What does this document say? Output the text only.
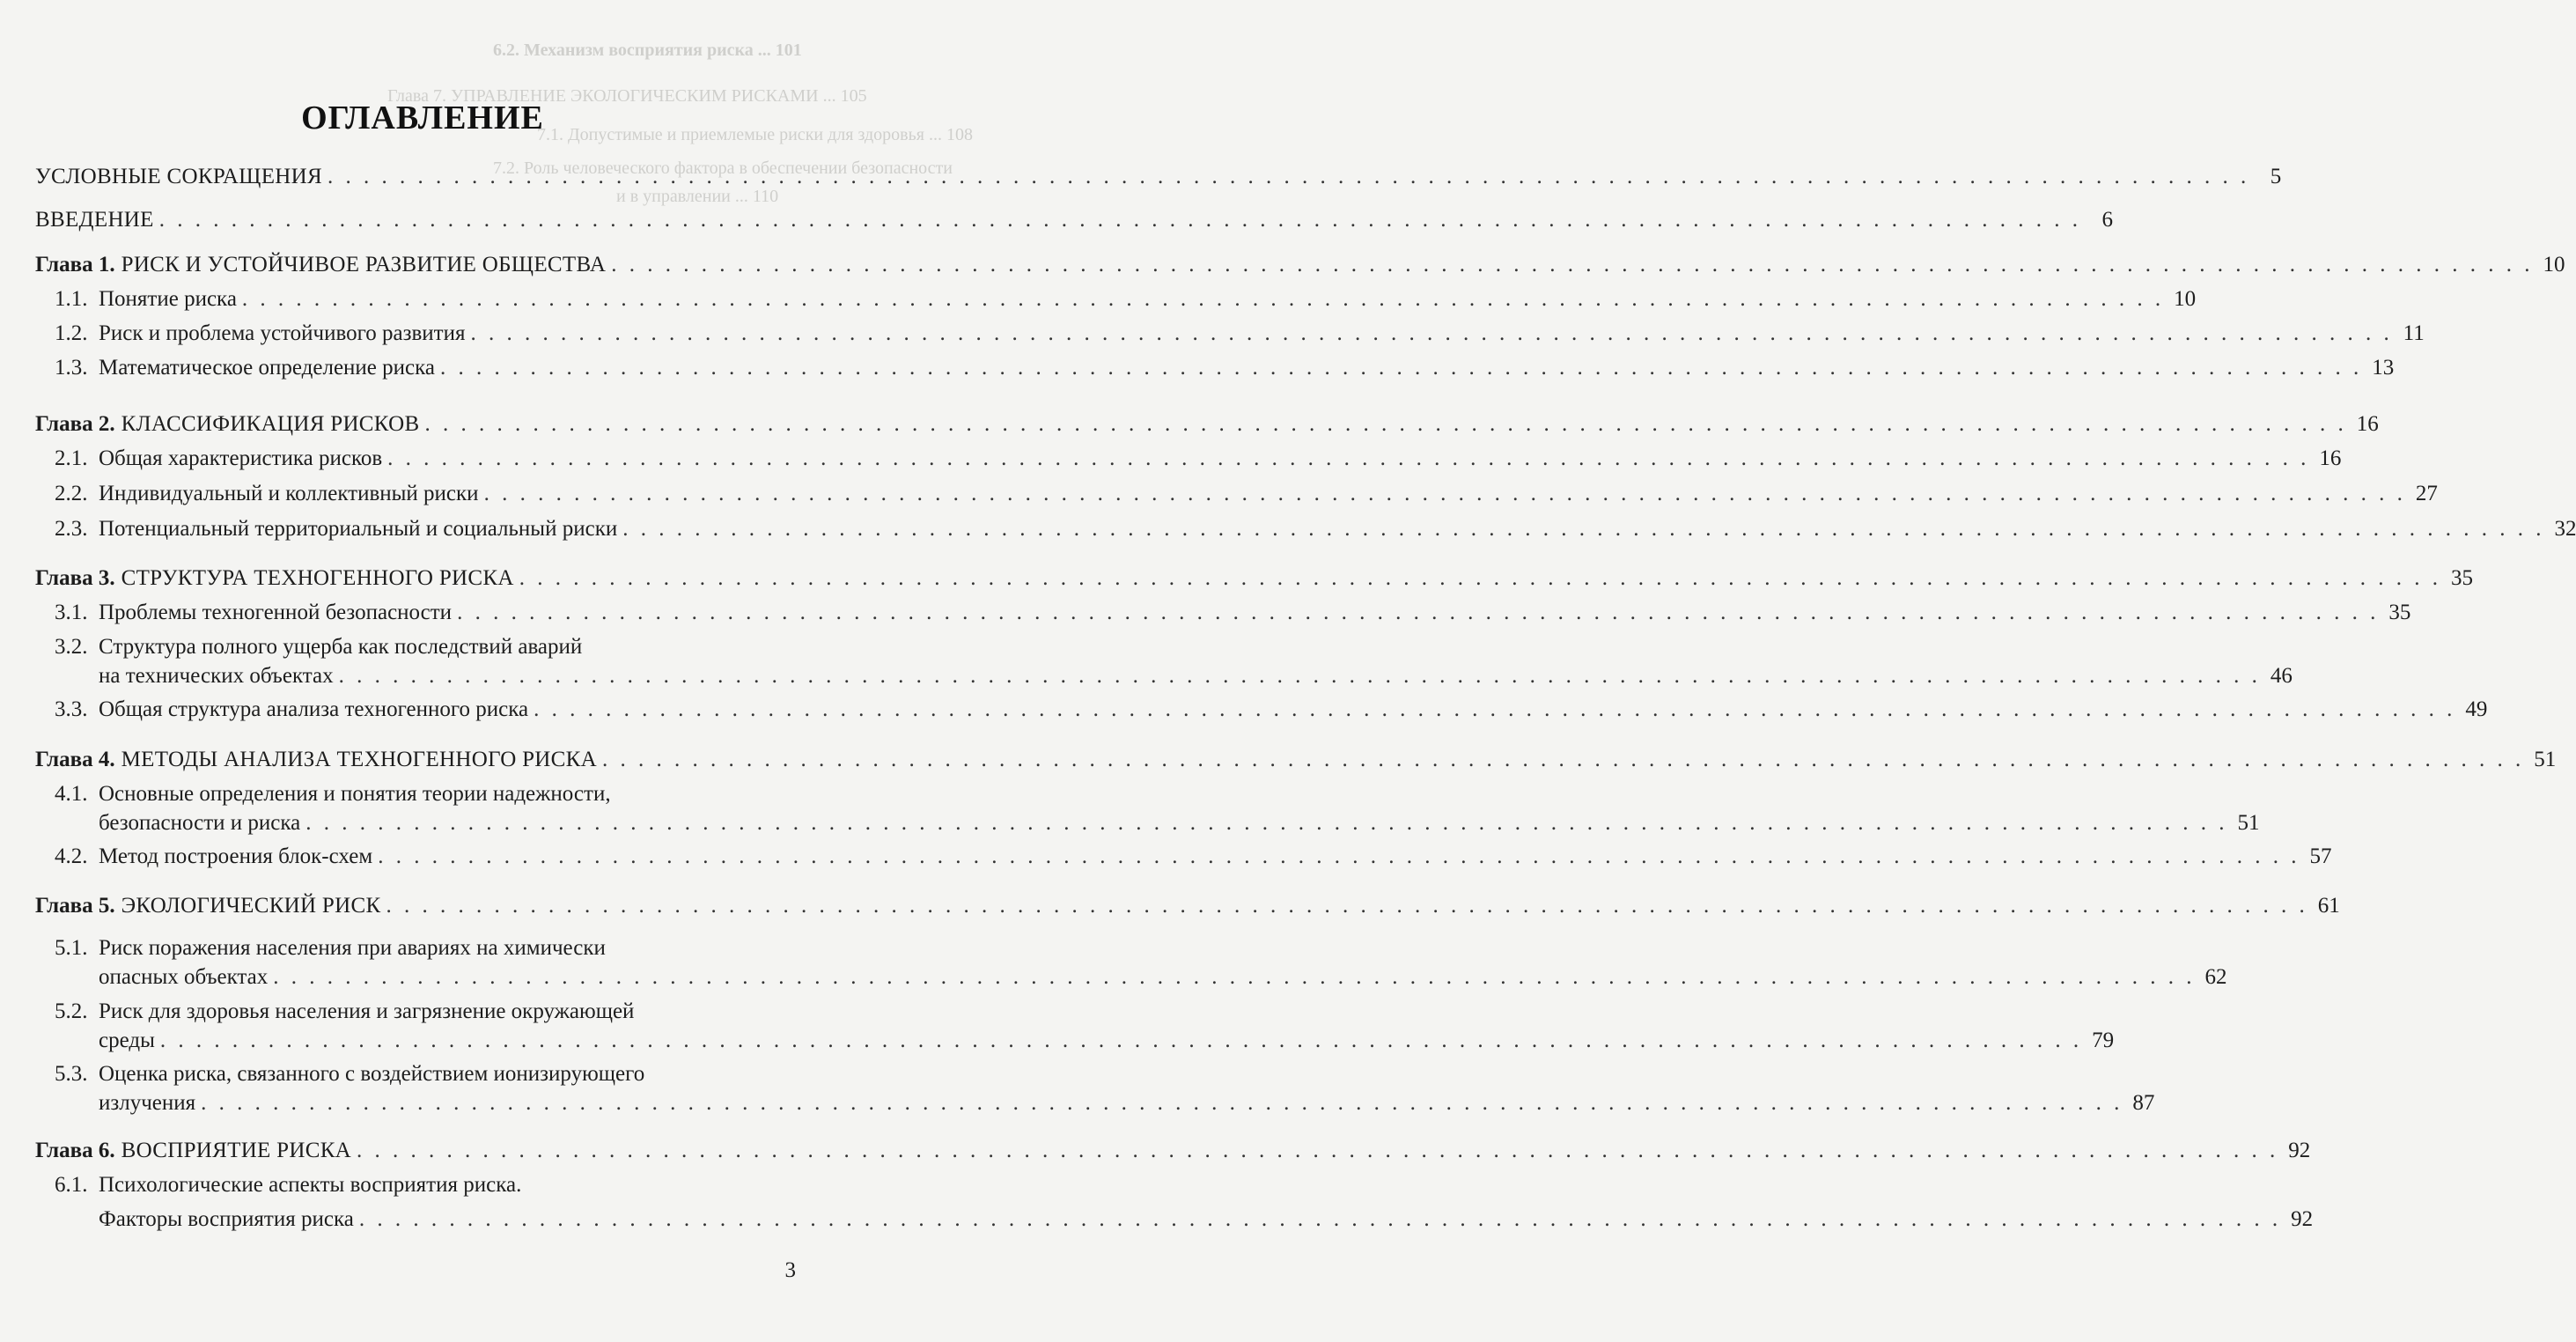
6.2. Механизм восприятия риска ... 101
Глава 7. УПРАВЛЕНИЕ ЭКОЛОГИЧЕСКИМ РИСКАМИ ... 105
7.1. Допустимые и приемлемые риски для здоровья ... 108
7.2. Роль человеческого фактора в обеспечении безопасности
и в управлении ... 110
ОГЛАВЛЕНИЕ
УСЛОВНЫЕ СОКРАЩЕНИЯ . . .	5
ВВЕДЕНИЕ . . .	6
Глава 1. РИСК И УСТОЙЧИВОЕ РАЗВИТИЕ ОБЩЕСТВА . . .	10
1.1. Понятие риска . . .	10
1.2. Риск и проблема устойчивого развития . . .	11
1.3. Математическое определение риска . . .	13
Глава 2. КЛАССИФИКАЦИЯ РИСКОВ . . .	16
2.1. Общая характеристика рисков . . .	16
2.2. Индивидуальный и коллективный риски . . .	27
2.3. Потенциальный территориальный и социальный риски . . .	32
Глава 3. СТРУКТУРА ТЕХНОГЕННОГО РИСКА . . .	35
3.1. Проблемы техногенной безопасности . . .	35
3.2. Структура полного ущерба как последствий аварий
на технических объектах . . .	46
3.3. Общая структура анализа техногенного риска . . .	49
Глава 4. МЕТОДЫ АНАЛИЗА ТЕХНОГЕННОГО РИСКА . . .	51
4.1. Основные определения и понятия теории надежности,
безопасности и риска . . .	51
4.2. Метод построения блок-схем . . .	57
Глава 5. ЭКОЛОГИЧЕСКИЙ РИСК . . .	61
5.1. Риск поражения населения при авариях на химически
опасных объектах . . .	62
5.2. Риск для здоровья населения и загрязнение окружающей
среды . . .	79
5.3. Оценка риска, связанного с воздействием ионизирующего
излучения . . .	87
Глава 6. ВОСПРИЯТИЕ РИСКА . . .	92
6.1. Психологические аспекты восприятия риска.
Факторы восприятия риска . . .	92
3
